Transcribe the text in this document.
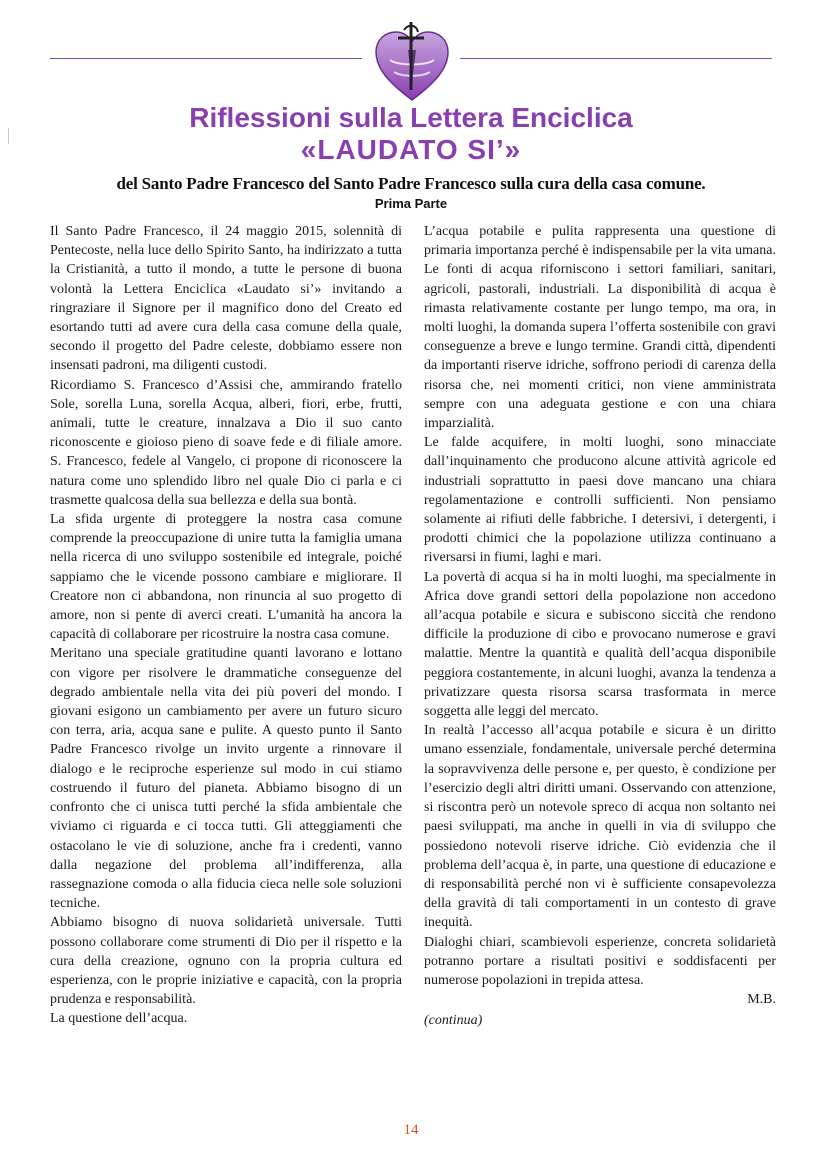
Riflessioni sulla Lettera Enciclica
«LAUDATO SI’»
del Santo Padre Francesco del Santo Padre Francesco sulla cura della casa comune.
Prima Parte

Il Santo Padre Francesco, il 24 maggio 2015, solennità di Pentecoste, nella luce dello Spirito Santo, ha indirizzato a tutta la Cristianità, a tutto il mondo, a tutte le persone di buona volontà la Lettera Enciclica «Laudato si’» invitando a ringraziare il Signore per il magnifico dono del Creato ed esortando tutti ad avere cura della casa comune della quale, secondo il progetto del Padre celeste, dobbiamo essere non insensati padroni, ma diligenti custodi.

Ricordiamo S. Francesco d’Assisi che, ammirando fratello Sole, sorella Luna, sorella Acqua, alberi, fiori, erbe, frutti, animali, tutte le creature, innalzava a Dio il suo canto riconoscente e gioioso pieno di soave fede e di filiale amore. S. Francesco, fedele al Vangelo, ci propone di riconoscere la natura come uno splendido libro nel quale Dio ci parla e ci trasmette qualcosa della sua bellezza e della sua bontà.

La sfida urgente di proteggere la nostra casa comune comprende la preoccupazione di unire tutta la famiglia umana nella ricerca di uno sviluppo sostenibile ed integrale, poiché sappiamo che le vicende possono cambiare e migliorare. Il Creatore non ci abbandona, non rinuncia al suo progetto di amore, non si pente di averci creati. L’umanità ha ancora la capacità di collaborare per ricostruire la nostra casa comune.

Meritano una speciale gratitudine quanti lavorano e lottano con vigore per risolvere le drammatiche conseguenze del degrado ambientale nella vita dei più poveri del mondo. I giovani esigono un cambiamento per avere un futuro sicuro con terra, aria, acqua sane e pulite. A questo punto il Santo Padre Francesco rivolge un invito urgente a rinnovare il dialogo e le reciproche esperienze sul modo in cui stiamo costruendo il futuro del pianeta. Abbiamo bisogno di un confronto che ci unisca tutti perché la sfida ambientale che viviamo ci riguarda e ci tocca tutti. Gli atteggiamenti che ostacolano le vie di soluzione, anche fra i credenti, vanno dalla negazione del problema all’indifferenza, alla rassegnazione comoda o alla fiducia cieca nelle sole soluzioni tecniche.

Abbiamo bisogno di nuova solidarietà universale. Tutti possono collaborare come strumenti di Dio per il rispetto e la cura della creazione, ognuno con la propria cultura ed esperienza, con le proprie iniziative e capacità, con la propria prudenza e responsabilità.

La questione dell’acqua.

L’acqua potabile e pulita rappresenta una questione di primaria importanza perché è indispensabile per la vita umana. Le fonti di acqua riforniscono i settori familiari, sanitari, agricoli, pastorali, industriali. La disponibilità di acqua è rimasta relativamente costante per lungo tempo, ma ora, in molti luoghi, la domanda supera l’offerta sostenibile con gravi conseguenze a breve e lungo termine. Grandi città, dipendenti da importanti riserve idriche, soffrono periodi di carenza della risorsa che, nei momenti critici, non viene amministrata sempre con una adeguata gestione e con una chiara imparzialità.

Le falde acquifere, in molti luoghi, sono minacciate dall’inquinamento che producono alcune attività agricole ed industriali soprattutto in paesi dove mancano una chiara regolamentazione e controlli sufficienti. Non pensiamo solamente ai rifiuti delle fabbriche. I detersivi, i detergenti, i prodotti chimici che la popolazione utilizza continuano a riversarsi in fiumi, laghi e mari.

La povertà di acqua si ha in molti luoghi, ma specialmente in Africa dove grandi settori della popolazione non accedono all’acqua potabile e sicura e subiscono siccità che rendono difficile la produzione di cibo e provocano numerose e gravi malattie. Mentre la quantità e qualità dell’acqua disponibile peggiora costantemente, in alcuni luoghi, avanza la tendenza a privatizzare questa risorsa scarsa trasformata in merce soggetta alle leggi del mercato.

In realtà l’accesso all’acqua potabile e sicura è un diritto umano essenziale, fondamentale, universale perché determina la sopravvivenza delle persone e, per questo, è condizione per l’esercizio degli altri diritti umani. Osservando con attenzione, si riscontra però un notevole spreco di acqua non soltanto nei paesi sviluppati, ma anche in quelli in via di sviluppo che possiedono notevoli riserve idriche. Ciò evidenzia che il problema dell’acqua è, in parte, una questione di educazione e di responsabilità perché non vi è sufficiente consapevolezza della gravità di tali comportamenti in un contesto di grave inequità.

Dialoghi chiari, scambievoli esperienze, concreta solidarietà potranno portare a risultati positivi e soddisfacenti per numerose popolazioni in trepida attesa.

M.B.

(continua)

14
